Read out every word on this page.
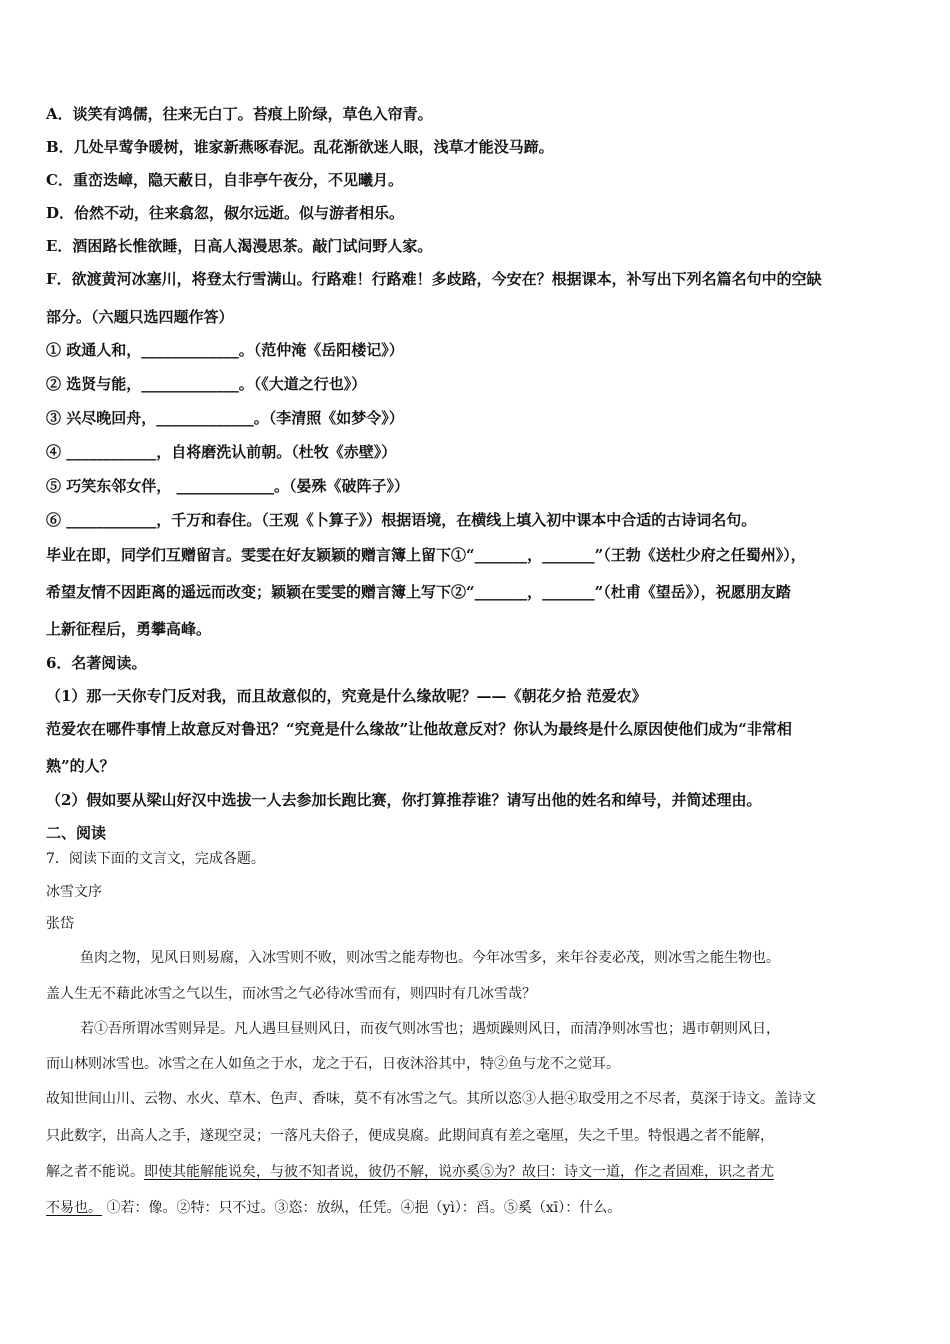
A．谈笑有鸿儒，往来无白丁。苔痕上阶绿，草色入帘青。
B．几处早莺争暖树，谁家新燕啄春泥。乱花渐欲迷人眼，浅草才能没马蹄。
C．重峦迭嶂，隐天蔽日，自非亭午夜分，不见曦月。
D．佁然不动，往来翕忽，俶尔远逝。似与游者相乐。
E．酒困路长惟欲睡，日高人渴漫思茶。敲门试问野人家。
F．欲渡黄河冰塞川，将登太行雪满山。行路难！行路难！多歧路，今安在？根据课本，补写出下列名篇名句中的空缺
部分。（六题只选四题作答）
① 政通人和，_____________。（范仲淹《岳阳楼记》）
② 选贤与能，_____________。（《大道之行也》）
③ 兴尽晚回舟，_____________。（李清照《如梦令》）
④ ____________，自将磨洗认前朝。（杜牧《赤壁》）
⑤ 巧笑东邻女伴， _____________。（晏殊《破阵子》）
⑥ ____________，千万和春住。（王观《卜算子》）根据语境，在横线上填入初中课本中合适的古诗词名句。
毕业在即，同学们互赠留言。雯雯在好友颖颖的赠言簿上留下①“_______，_______”（王勃《送杜少府之任蜀州》），
希望友情不因距离的遥远而改变；颖颖在雯雯的赠言簿上写下②“_______，_______”（杜甫《望岳》），祝愿朋友踏
上新征程后，勇攀高峰。
6．名著阅读。
（1）那一天你专门反对我，而且故意似的，究竟是什么缘故呢？——《朝花夕拾 范爱农》
范爱农在哪件事情上故意反对鲁迅？“究竟是什么缘故”让他故意反对？你认为最终是什么原因使他们成为“非常相
熟”的人？
（2）假如要从梁山好汉中选拔一人去参加长跑比赛，你打算推荐谁？请写出他的姓名和绰号，并简述理由。
二、阅读
7．阅读下面的文言文，完成各题。
冰雪文序
张岱
鱼肉之物，见风日则易腐，入冰雪则不败，则冰雪之能寿物也。今年冰雪多，来年谷麦必茂，则冰雪之能生物也。
盖人生无不藉此冰雪之气以生，而冰雪之气必待冰雪而有，则四时有几冰雪哉？
若①吾所谓冰雪则异是。凡人遇旦昼则风日，而夜气则冰雪也；遇烦躁则风日，而清净则冰雪也；遇市朝则风日，
而山林则冰雪也。冰雪之在人如鱼之于水，龙之于石，日夜沐浴其中，特②鱼与龙不之觉耳。
故知世间山川、云物、水火、草木、色声、香味，莫不有冰雪之气。其所以恣③人挹④取受用之不尽者，莫深于诗文。盖诗文
只此数字，出高人之手，遂现空灵；一落凡夫俗子，便成臭腐。此期间真有差之毫厘，失之千里。特恨遇之者不能解，
解之者不能说。即使其能解能说矣，与彼不知者说，彼仍不解，说亦奚⑤为？故曰：诗文一道，作之者固难，识之者尤
不易也。 ①若：像。②特：只不过。③恣：放纵，任凭。④挹（yì）：舀。⑤奚（xī）：什么。
